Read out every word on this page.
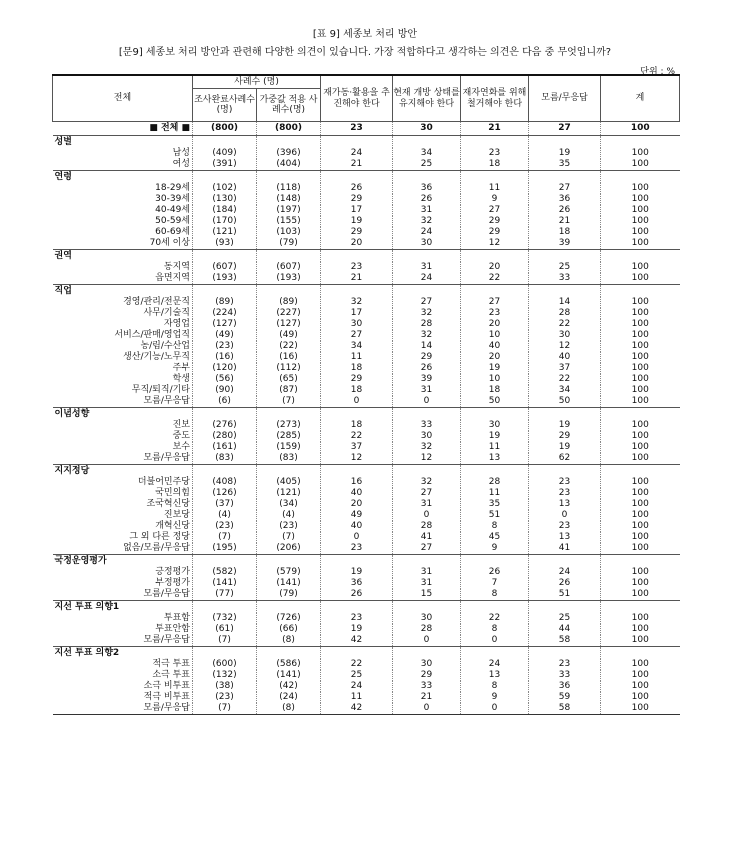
[표 9] 세종보 처리 방안
[문9] 세종보 처리 방안과 관련해 다양한 의견이 있습니다. 가장 적합하다고 생각하는 의견은 다음 중 무엇입니까?
단위 : %
전체	사례수 (명)		재가동·활용을 추진해야 한다	현재 개방 상태를 유지해야 한다	재자연화를 위해 철거해야 한다	모름/무응답	계
	조사완료사례수(명)	가중값 적용 사례수(명)					
■ 전체 ■	(800)	(800)	23	30	21	27	100
성별							
남성	(409)	(396)	24	34	23	19	100
여성	(391)	(404)	21	25	18	35	100
연령							
18-29세	(102)	(118)	26	36	11	27	100
30-39세	(130)	(148)	29	26	9	36	100
40-49세	(184)	(197)	17	31	27	26	100
50-59세	(170)	(155)	19	32	29	21	100
60-69세	(121)	(103)	29	24	29	18	100
70세 이상	(93)	(79)	20	30	12	39	100
권역							
동지역	(607)	(607)	23	31	20	25	100
읍면지역	(193)	(193)	21	24	22	33	100
직업							
경영/관리/전문직	(89)	(89)	32	27	27	14	100
사무/기술직	(224)	(227)	17	32	23	28	100
자영업	(127)	(127)	30	28	20	22	100
서비스/판매/영업직	(49)	(49)	27	32	10	30	100
농/림/수산업	(23)	(22)	34	14	40	12	100
생산/기능/노무직	(16)	(16)	11	29	20	40	100
주부	(120)	(112)	18	26	19	37	100
학생	(56)	(65)	29	39	10	22	100
무직/퇴직/기타	(90)	(87)	18	31	18	34	100
모름/무응답	(6)	(7)	0	0	50	50	100
이념성향							
진보	(276)	(273)	18	33	30	19	100
중도	(280)	(285)	22	30	19	29	100
보수	(161)	(159)	37	32	11	19	100
모름/무응답	(83)	(83)	12	12	13	62	100
지지정당							
더불어민주당	(408)	(405)	16	32	28	23	100
국민의힘	(126)	(121)	40	27	11	23	100
조국혁신당	(37)	(34)	20	31	35	13	100
진보당	(4)	(4)	49	0	51	0	100
개혁신당	(23)	(23)	40	28	8	23	100
그 외 다른 정당	(7)	(7)	0	41	45	13	100
없음/모름/무응답	(195)	(206)	23	27	9	41	100
국정운영평가							
긍정평가	(582)	(579)	19	31	26	24	100
부정평가	(141)	(141)	36	31	7	26	100
모름/무응답	(77)	(79)	26	15	8	51	100
지선 투표 의향1							
투표함	(732)	(726)	23	30	22	25	100
투표안함	(61)	(66)	19	28	8	44	100
모름/무응답	(7)	(8)	42	0	0	58	100
지선 투표 의향2							
적극 투표	(600)	(586)	22	30	24	23	100
소극 투표	(132)	(141)	25	29	13	33	100
소극 비투표	(38)	(42)	24	33	8	36	100
적극 비투표	(23)	(24)	11	21	9	59	100
모름/무응답	(7)	(8)	42	0	0	58	100
